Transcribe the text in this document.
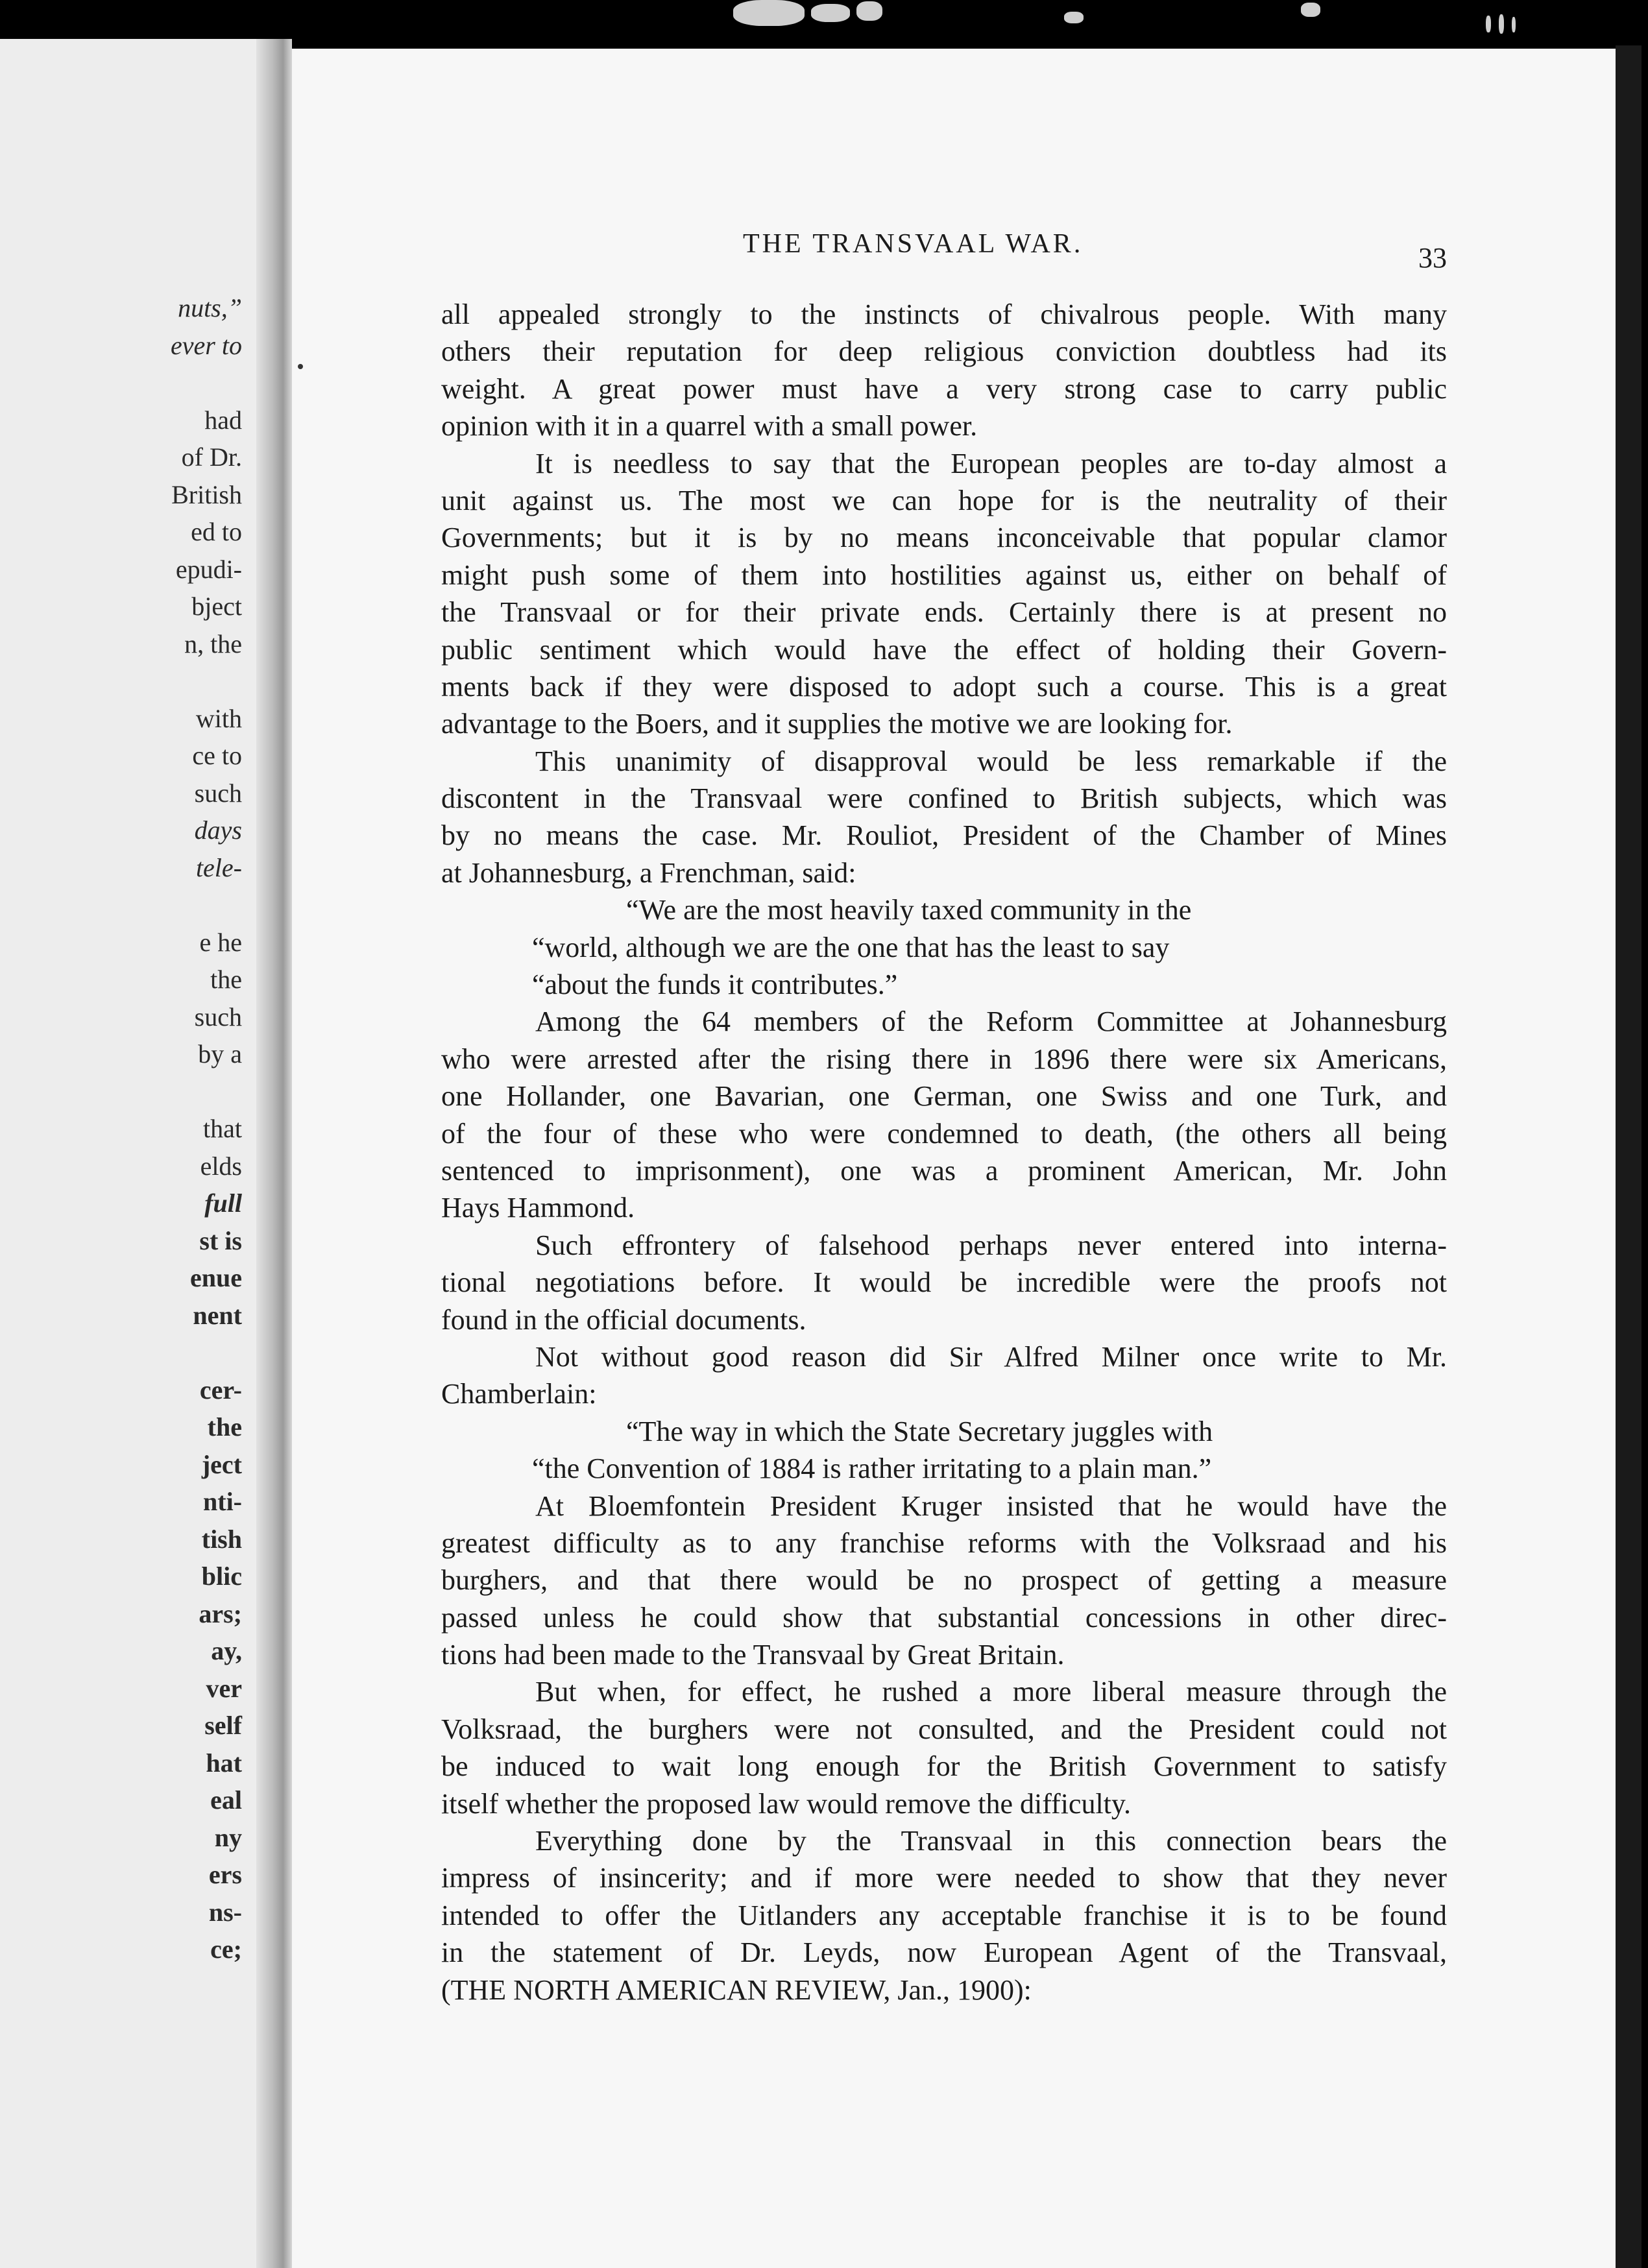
nuts,”
ever to
had
of Dr.
British
ed to
epudi-
bject
n, the
with
ce to
such
days
tele-
e he
the
such
by a
that
elds
full
st is
enue
nent
cer-
the
ject
nti-
tish
blic
ars;
ay,
ver
self
hat
eal
ny
ers
ns-
ce;
THE TRANSVAAL WAR.	33
all appealed strongly to the instincts of chivalrous people. With many
others their reputation for deep religious conviction doubtless had its
weight. A great power must have a very strong case to carry public
opinion with it in a quarrel with a small power.
It is needless to say that the European peoples are to-day almost a
unit against us. The most we can hope for is the neutrality of their
Governments; but it is by no means inconceivable that popular clamor
might push some of them into hostilities against us, either on behalf of
the Transvaal or for their private ends. Certainly there is at present no
public sentiment which would have the effect of holding their Govern-
ments back if they were disposed to adopt such a course. This is a great
advantage to the Boers, and it supplies the motive we are looking for.
This unanimity of disapproval would be less remarkable if the
discontent in the Transvaal were confined to British subjects, which was
by no means the case. Mr. Rouliot, President of the Chamber of Mines
at Johannesburg, a Frenchman, said:
“We are the most heavily taxed community in the
“world, although we are the one that has the least to say
“about the funds it contributes.”
Among the 64 members of the Reform Committee at Johannesburg
who were arrested after the rising there in 1896 there were six Americans,
one Hollander, one Bavarian, one German, one Swiss and one Turk, and
of the four of these who were condemned to death, (the others all being
sentenced to imprisonment), one was a prominent American, Mr. John
Hays Hammond.
Such effrontery of falsehood perhaps never entered into interna-
tional negotiations before. It would be incredible were the proofs not
found in the official documents.
Not without good reason did Sir Alfred Milner once write to Mr.
Chamberlain:
“The way in which the State Secretary juggles with
“the Convention of 1884 is rather irritating to a plain man.”
At Bloemfontein President Kruger insisted that he would have the
greatest difficulty as to any franchise reforms with the Volksraad and his
burghers, and that there would be no prospect of getting a measure
passed unless he could show that substantial concessions in other direc-
tions had been made to the Transvaal by Great Britain.
But when, for effect, he rushed a more liberal measure through the
Volksraad, the burghers were not consulted, and the President could not
be induced to wait long enough for the British Government to satisfy
itself whether the proposed law would remove the difficulty.
Everything done by the Transvaal in this connection bears the
impress of insincerity; and if more were needed to show that they never
intended to offer the Uitlanders any acceptable franchise it is to be found
in the statement of Dr. Leyds, now European Agent of the Transvaal,
(THE NORTH AMERICAN REVIEW, Jan., 1900):
